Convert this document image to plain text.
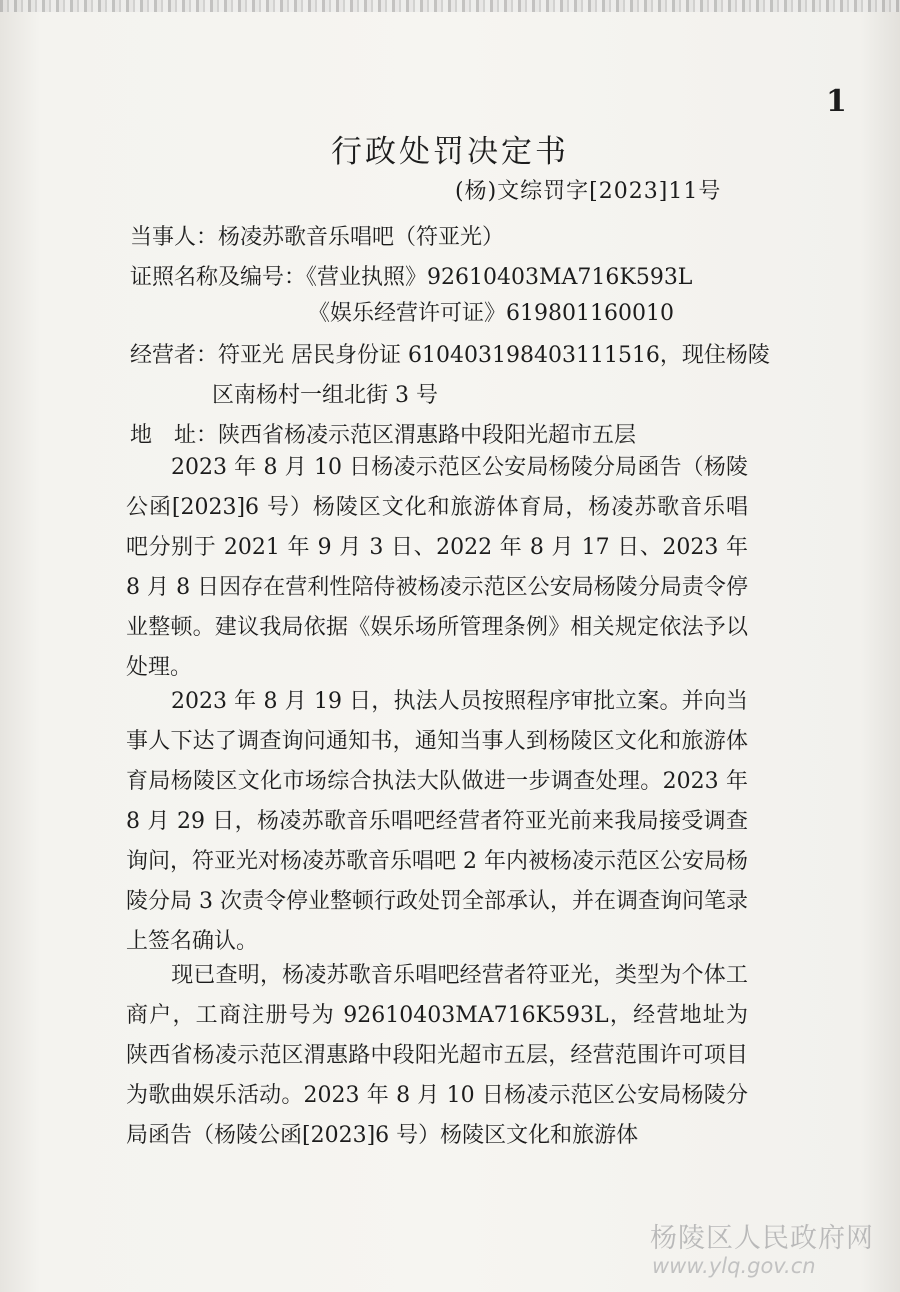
1
行政处罚决定书
(杨)文综罚字[2023]11号
当事人：杨凌苏歌音乐唱吧（符亚光）
证照名称及编号：《营业执照》92610403MA716K593L
《娱乐经营许可证》619801160010
经营者：符亚光 居民身份证 610403198403111516，现住杨陵
区南杨村一组北街 3 号
地　址：陕西省杨凌示范区渭惠路中段阳光超市五层

2023 年 8 月 10 日杨凌示范区公安局杨陵分局函告（杨陵公函[2023]6 号）杨陵区文化和旅游体育局，杨凌苏歌音乐唱吧分别于 2021 年 9 月 3 日、2022 年 8 月 17 日、2023 年 8 月 8 日因存在营利性陪侍被杨凌示范区公安局杨陵分局责令停业整顿。建议我局依据《娱乐场所管理条例》相关规定依法予以处理。

2023 年 8 月 19 日，执法人员按照程序审批立案。并向当事人下达了调查询问通知书，通知当事人到杨陵区文化和旅游体育局杨陵区文化市场综合执法大队做进一步调查处理。2023 年 8 月 29 日，杨凌苏歌音乐唱吧经营者符亚光前来我局接受调查询问，符亚光对杨凌苏歌音乐唱吧 2 年内被杨凌示范区公安局杨陵分局 3 次责令停业整顿行政处罚全部承认，并在调查询问笔录上签名确认。

现已查明，杨凌苏歌音乐唱吧经营者符亚光，类型为个体工商户，工商注册号为 92610403MA716K593L，经营地址为陕西省杨凌示范区渭惠路中段阳光超市五层，经营范围许可项目为歌曲娱乐活动。2023 年 8 月 10 日杨凌示范区公安局杨陵分局函告（杨陵公函[2023]6 号）杨陵区文化和旅游体

杨陵区人民政府网
www.ylq.gov.cn
